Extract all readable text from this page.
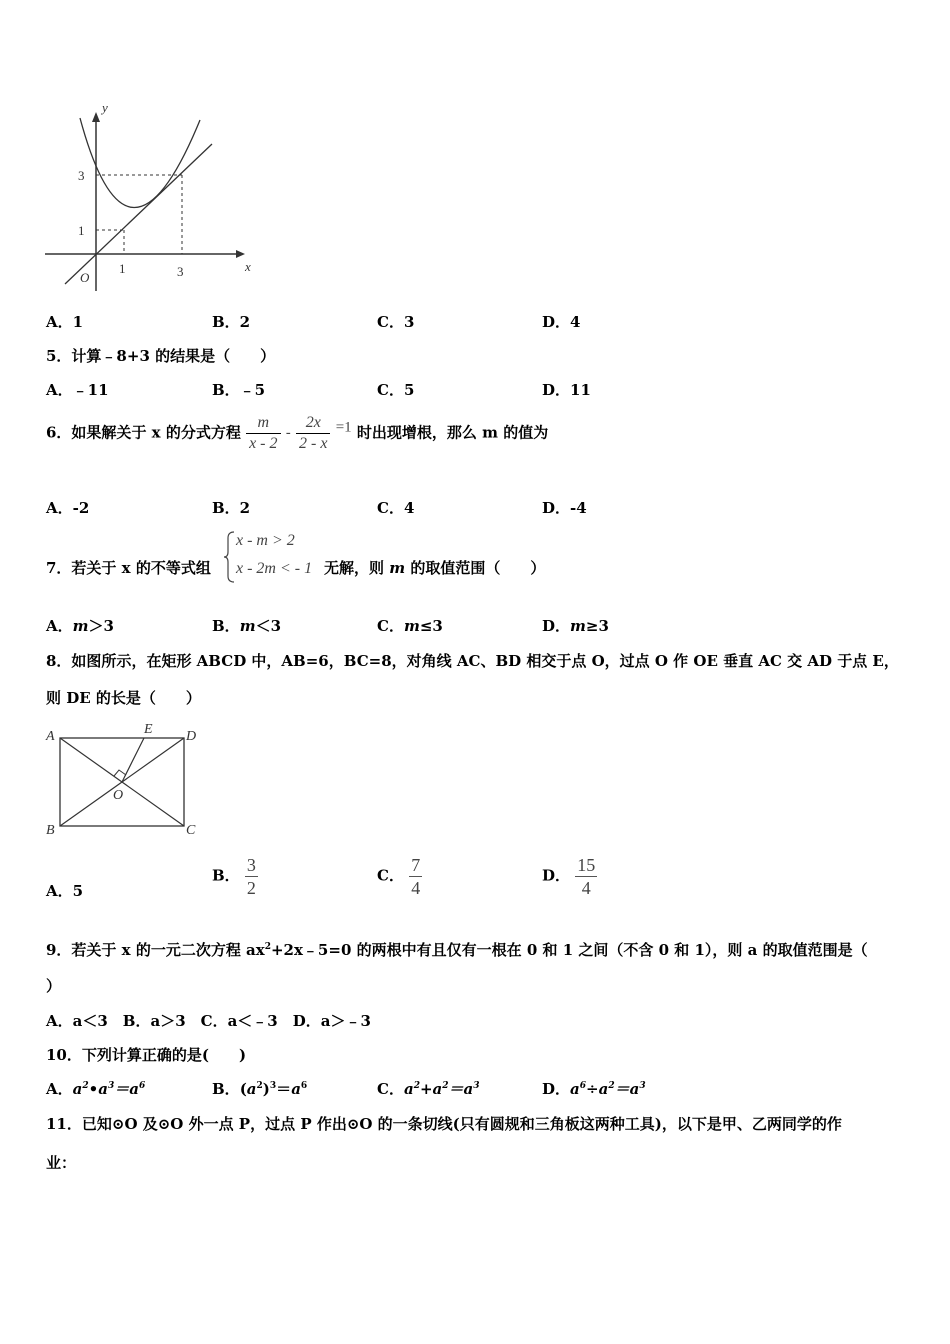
y
x
O
3
1
1	3
A．1	B．2	C．3	D．4
5．计算﹣8+3 的结果是（　　）
A．﹣11	B．﹣5	C．5	D．11
6．如果解关于 x 的分式方程 $\frac{m}{x - 2} - \frac{2x}{2 - x} =1$ 时出现增根，那么 m 的值为
A．-2	B．2	C．4	D．-4
7．若关于 x 的不等式组
x - m > 2
x - 2m < - 1 无解，则 m 的取值范围（　　）
A．m＞3	B．m＜3	C．m≤3	D．m≥3
8．如图所示，在矩形 ABCD 中，AB=6，BC=8，对角线 AC、BD 相交于点 O，过点 O 作 OE 垂直 AC 交 AD 于点 E，
则 DE 的长是（　　）
A
B	C
D
E
O
A．5
B． $\frac{3}{2}$	C． $\frac{7}{4}$	D． $\frac{15}{4}$
9．若关于 x 的一元二次方程 $ax^2+2x﹣5=0$ 的两根中有且仅有一根在 0 和 1 之间（不含 0 和 1），则 a 的取值范围是（
）
A．a＜3　B．a＞3　C．a＜﹣3　D．a＞﹣3
10．下列计算正确的是(　　)
A．$a^2•a^3=a^6$	B．$(a^2)^3=a^6$	C．$a^2+a^2=a^3$	D．$a^6\div a^2=a^3$
11．已知⊙O 及⊙O 外一点 P，过点 P 作出⊙O 的一条切线(只有圆规和三角板这两种工具)，以下是甲、乙两同学的作
业：
